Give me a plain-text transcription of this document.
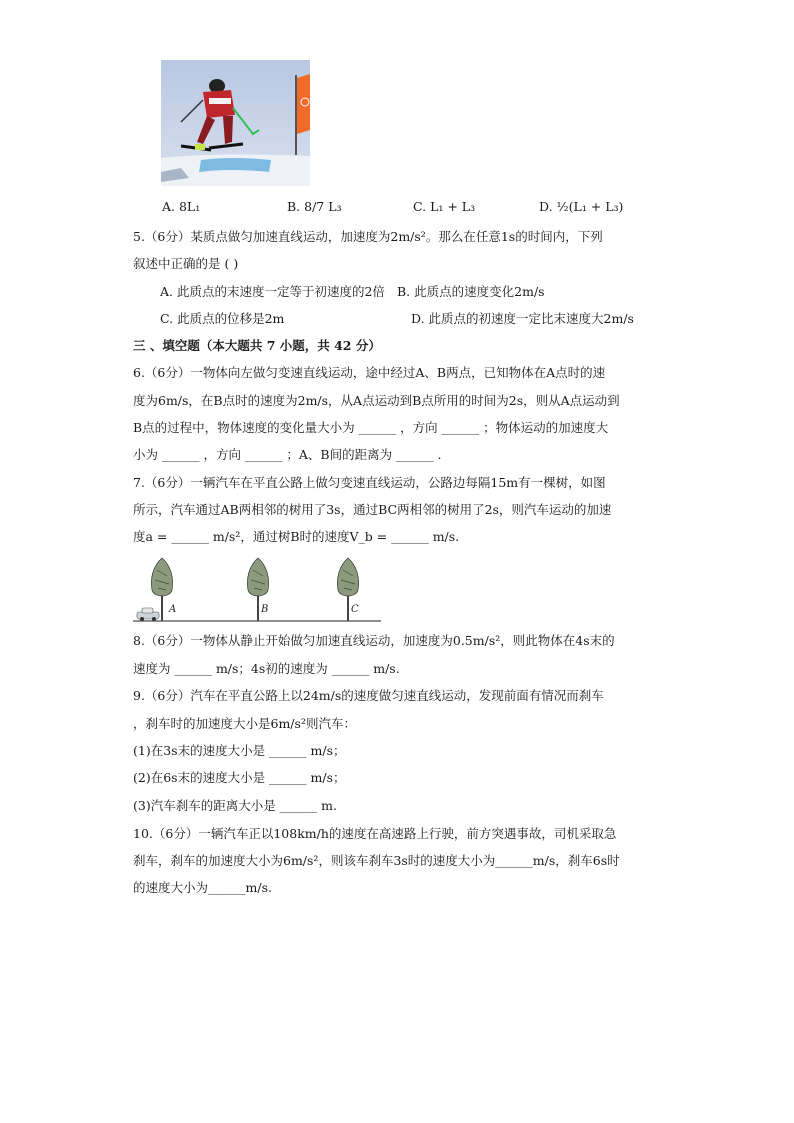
A. 8L₁	B. 8/7 L₃	C. L₁ + L₃	D. ½(L₁ + L₃)
5.（6分）某质点做匀加速直线运动，加速度为2m/s²。那么在任意1s的时间内，下列
叙述中正确的是 ( )
A. 此质点的末速度一定等于初速度的2倍 B. 此质点的速度变化2m/s
C. 此质点的位移是2m	D. 此质点的初速度一定比末速度大2m/s
三 、填空题（本大题共 7 小题，共 42 分）
6.（6分）一物体向左做匀变速直线运动，途中经过A、B两点，已知物体在A点时的速
度为6m/s，在B点时的速度为2m/s，从A点运动到B点所用的时间为2s，则从A点运动到
B点的过程中，物体速度的变化量大小为 ______ ，方向 ______ ；物体运动的加速度大
小为 ______ ，方向 ______ ；A、B间的距离为 ______ .
7.（6分）一辆汽车在平直公路上做匀变速直线运动，公路边每隔15m有一棵树，如图
所示，汽车通过AB两相邻的树用了3s，通过BC两相邻的树用了2s，则汽车运动的加速
度a = ______ m/s²，通过树B时的速度V_b = ______ m/s.
A	B	C
8.（6分）一物体从静止开始做匀加速直线运动，加速度为0.5m/s²，则此物体在4s末的
速度为 ______ m/s；4s初的速度为 ______ m/s.
9.（6分）汽车在平直公路上以24m/s的速度做匀速直线运动，发现前面有情况而刹车
，刹车时的加速度大小是6m/s²则汽车：
(1)在3s末的速度大小是 ______ m/s；
(2)在6s末的速度大小是 ______ m/s；
(3)汽车刹车的距离大小是 ______ m.
10.（6分）一辆汽车正以108km/h的速度在高速路上行驶，前方突遇事故，司机采取急
刹车，刹车的加速度大小为6m/s²，则该车刹车3s时的速度大小为______m/s，刹车6s时
的速度大小为______m/s.
